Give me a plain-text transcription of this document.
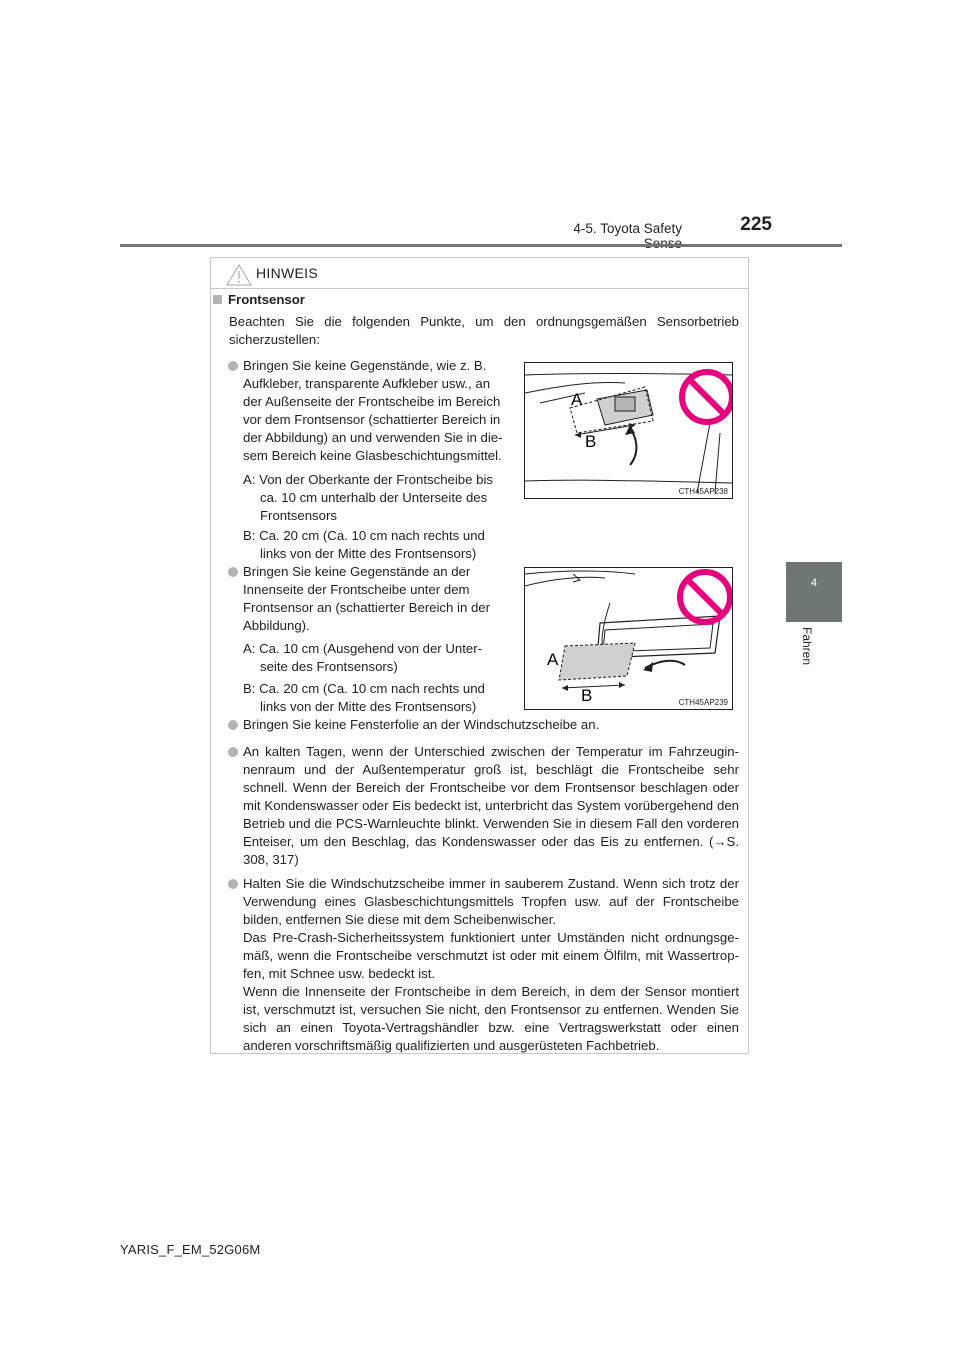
4-5. Toyota Safety	225
4
Fahren
HINWEIS
Frontsensor
Beachten Sie die folgenden Punkte, um den ordnungsgemäßen Sensorbetrieb sicherzustellen:
Bringen Sie keine Gegenstände, wie z. B.
Aufkleber, transparente Aufkleber usw., an
der Außenseite der Frontscheibe im Bereich
vor dem Frontsensor (schattierter Bereich in
der Abbildung) an und verwenden Sie in die-
sem Bereich keine Glasbeschichtungsmittel.
A: Von der Oberkante der Frontscheibe bis
ca. 10 cm unterhalb der Unterseite des
Frontsensors
B: Ca. 20 cm (Ca. 10 cm nach rechts und
links von der Mitte des Frontsensors)
A
B
CTH45AP238
Bringen Sie keine Gegenstände an der
Innenseite der Frontscheibe unter dem
Frontsensor an (schattierter Bereich in der
Abbildung).
A: Ca. 10 cm (Ausgehend von der Unter-
seite des Frontsensors)
B: Ca. 20 cm (Ca. 10 cm nach rechts und
links von der Mitte des Frontsensors)
A
B	CTH45AP239
Bringen Sie keine Fensterfolie an der Windschutzscheibe an.
An kalten Tagen, wenn der Unterschied zwischen der Temperatur im Fahrzeuginnenraum und der Außentemperatur groß ist, beschlägt die Frontscheibe sehr schnell. Wenn der Bereich der Frontscheibe vor dem Frontsensor beschlagen oder mit Kondenswasser oder Eis bedeckt ist, unterbricht das System vorübergehend den Betrieb und die PCS-Warnleuchte blinkt. Verwenden Sie in diesem Fall den vorderen Enteiser, um den Beschlag, das Kondenswasser oder das Eis zu entfernen. (→S. 308, 317)
Halten Sie die Windschutzscheibe immer in sauberem Zustand. Wenn sich trotz der Verwendung eines Glasbeschichtungsmittels Tropfen usw. auf der Frontscheibe bilden, entfernen Sie diese mit dem Scheibenwischer.
Das Pre-Crash-Sicherheitssystem funktioniert unter Umständen nicht ordnungsgemäß, wenn die Frontscheibe verschmutzt ist oder mit einem Ölfilm, mit Wassertropfen, mit Schnee usw. bedeckt ist.
Wenn die Innenseite der Frontscheibe in dem Bereich, in dem der Sensor montiert ist, verschmutzt ist, versuchen Sie nicht, den Frontsensor zu entfernen. Wenden Sie sich an einen Toyota-Vertragshändler bzw. eine Vertragswerkstatt oder einen anderen vorschriftsmäßig qualifizierten und ausgerüsteten Fachbetrieb.
YARIS_F_EM_52G06M
